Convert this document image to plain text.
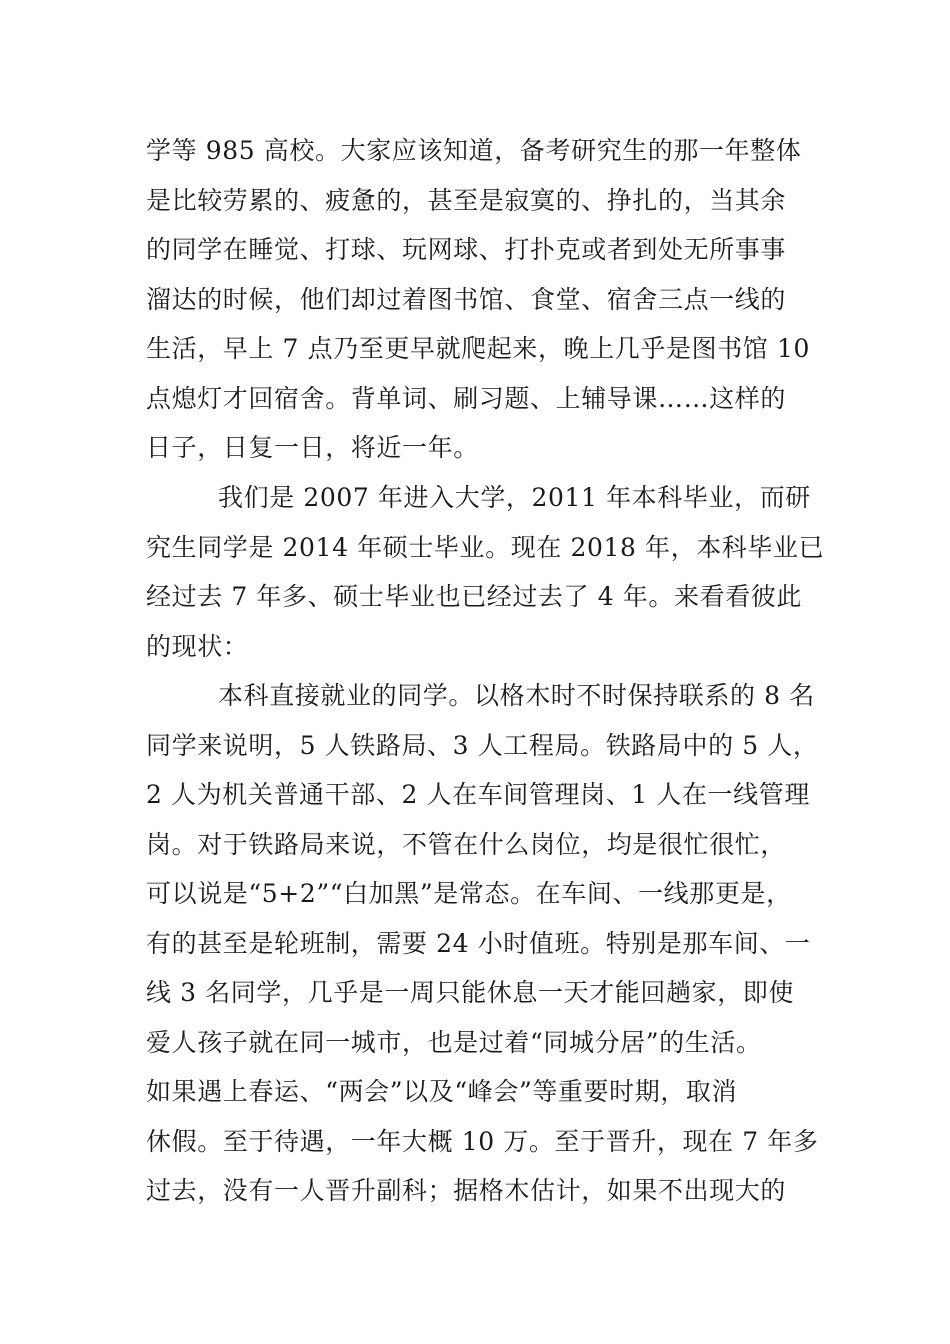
学等 985 高校。大家应该知道，备考研究生的那一年整体
是比较劳累的、疲惫的，甚至是寂寞的、挣扎的，当其余
的同学在睡觉、打球、玩网球、打扑克或者到处无所事事
溜达的时候，他们却过着图书馆、食堂、宿舍三点一线的
生活，早上 7 点乃至更早就爬起来，晚上几乎是图书馆 10
点熄灯才回宿舍。背单词、刷习题、上辅导课……这样的
日子，日复一日，将近一年。
我们是 2007 年进入大学，2011 年本科毕业，而研
究生同学是 2014 年硕士毕业。现在 2018 年，本科毕业已
经过去 7 年多、硕士毕业也已经过去了 4 年。来看看彼此
的现状：
本科直接就业的同学。以格木时不时保持联系的 8 名
同学来说明，5 人铁路局、3 人工程局。铁路局中的 5 人，
2 人为机关普通干部、2 人在车间管理岗、1 人在一线管理
岗。对于铁路局来说，不管在什么岗位，均是很忙很忙，
可以说是“5+2”“白加黑”是常态。在车间、一线那更是，
有的甚至是轮班制，需要 24 小时值班。特别是那车间、一
线 3 名同学，几乎是一周只能休息一天才能回趟家，即使
爱人孩子就在同一城市，也是过着“同城分居”的生活。
如果遇上春运、“两会”以及“峰会”等重要时期，取消
休假。至于待遇，一年大概 10 万。至于晋升，现在 7 年多
过去，没有一人晋升副科；据格木估计，如果不出现大的
